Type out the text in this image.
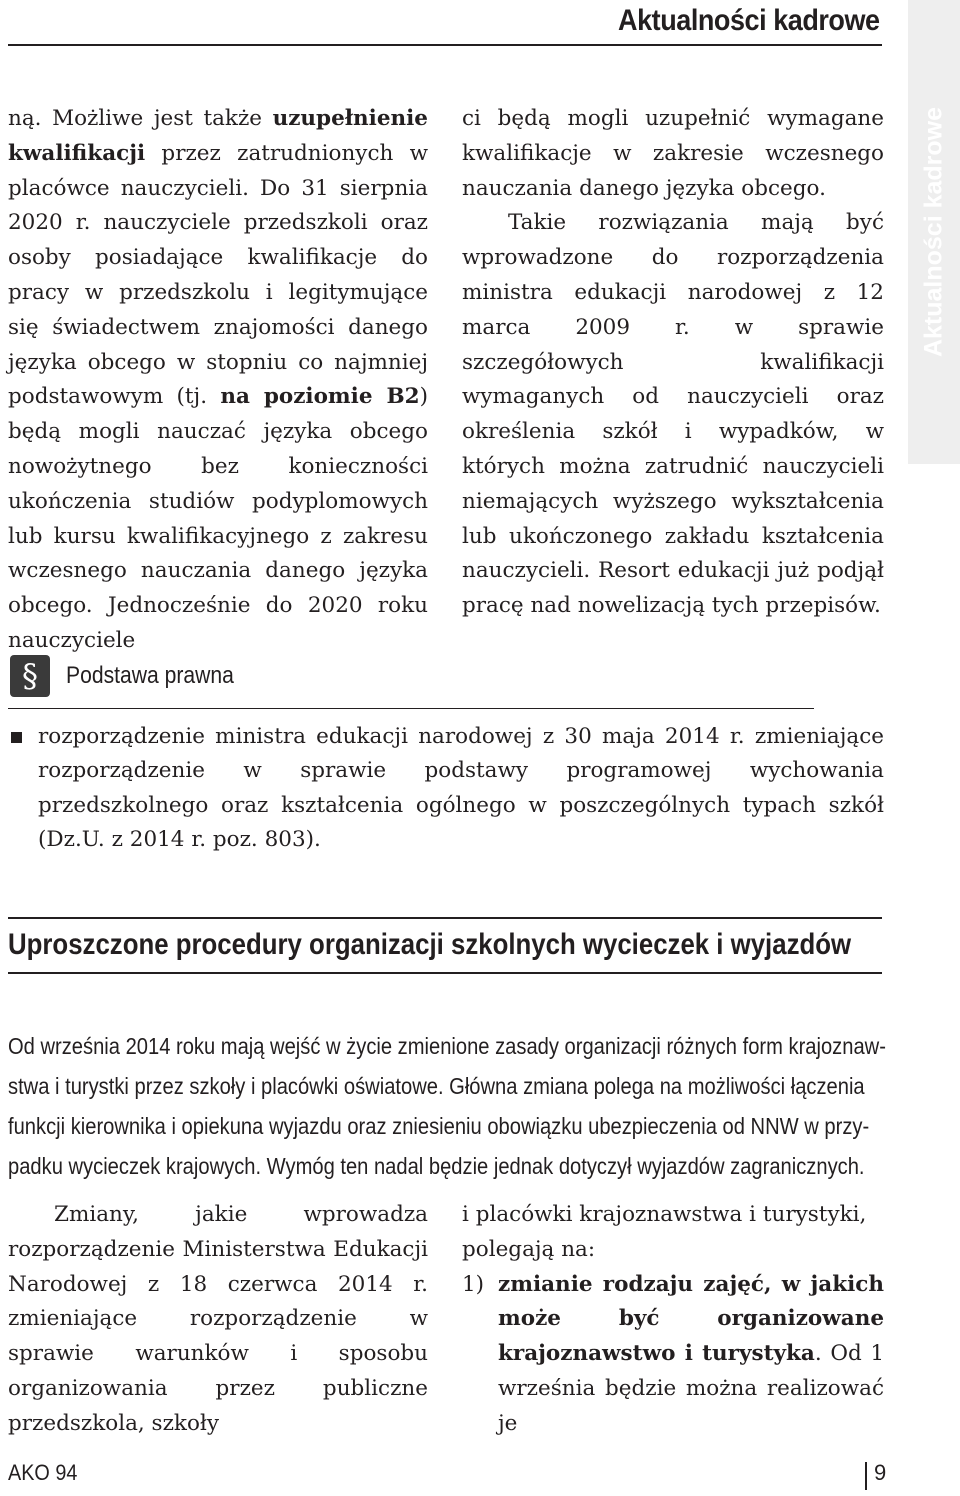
Aktualności kadrowe
Aktualności kadrowe

ną. Możliwe jest także uzupełnienie kwalifikacji przez zatrudnionych w placówce nauczycieli. Do 31 sierpnia 2020 r. nauczyciele przedszkoli oraz osoby posiadające kwalifikacje do pracy w przedszkolu i legitymujące się świadectwem znajomości danego języka obcego w stopniu co najmniej podstawowym (tj. na poziomie B2) będą mogli nauczać języka obcego nowożytnego bez konieczności ukończenia studiów podyplomowych lub kursu kwalifikacyjnego z zakresu wczesnego nauczania danego języka obcego. Jednocześnie do 2020 roku nauczyciele

ci będą mogli uzupełnić wymagane kwalifikacje w zakresie wczesnego nauczania danego języka obcego.

Takie rozwiązania mają być wprowadzone do rozporządzenia ministra edukacji narodowej z 12 marca 2009 r. w sprawie szczegółowych kwalifikacji wymaganych od nauczycieli oraz określenia szkół i wypadków, w których można zatrudnić nauczycieli niemających wyższego wykształcenia lub ukończonego zakładu kształcenia nauczycieli. Resort edukacji już podjął pracę nad nowelizacją tych przepisów.

§	Podstawa prawna

rozporządzenie ministra edukacji narodowej z 30 maja 2014 r. zmieniające rozporządzenie w sprawie podstawy programowej wychowania przedszkolnego oraz kształcenia ogólnego w poszczególnych typach szkół (Dz.U. z 2014 r. poz. 803).

Uproszczone procedury organizacji szkolnych wycieczek i wyjazdów
Od września 2014 roku mają wejść w życie zmienione zasady organizacji różnych form krajoznaw-
stwa i turystki przez szkoły i placówki oświatowe. Główna zmiana polega na możliwości łączenia
funkcji kierownika i opiekuna wyjazdu oraz zniesieniu obowiązku ubezpieczenia od NNW w przy-
padku wycieczek krajowych. Wymóg ten nadal będzie jednak dotyczył wyjazdów zagranicznych.

Zmiany, jakie wprowadza rozporządzenie Ministerstwa Edukacji Narodowej z 18 czerwca 2014 r. zmieniające rozporządzenie w sprawie warunków i sposobu organizowania przez publiczne przedszkola, szkoły

i placówki krajoznawstwa i turystyki, polegają na:

1) zmianie rodzaju zajęć, w jakich może być organizowane krajoznawstwo i turystyka. Od 1 września będzie można realizować je
AKO 94	9
